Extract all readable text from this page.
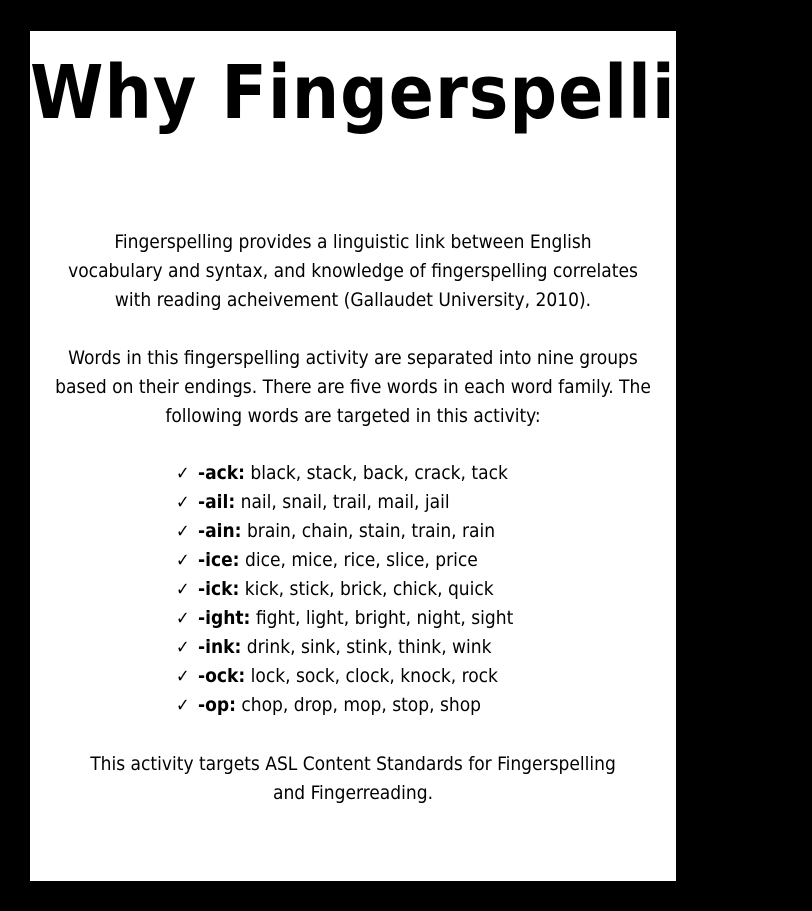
Why Fingerspelling?
Fingerspelling provides a linguistic link between English vocabulary and syntax, and knowledge of fingerspelling correlates with reading acheivement (Gallaudet University, 2010).
Words in this fingerspelling activity are separated into nine groups based on their endings. There are five words in each word family. The following words are targeted in this activity:
✓ -ack: black, stack, back, crack, tack
✓ -ail: nail, snail, trail, mail, jail
✓ -ain: brain, chain, stain, train, rain
✓ -ice: dice, mice, rice, slice, price
✓ -ick: kick, stick, brick, chick, quick
✓ -ight: fight, light, bright, night, sight
✓ -ink: drink, sink, stink, think, wink
✓ -ock: lock, sock, clock, knock, rock
✓ -op: chop, drop, mop, stop, shop
This activity targets ASL Content Standards for Fingerspelling and Fingerreading.
